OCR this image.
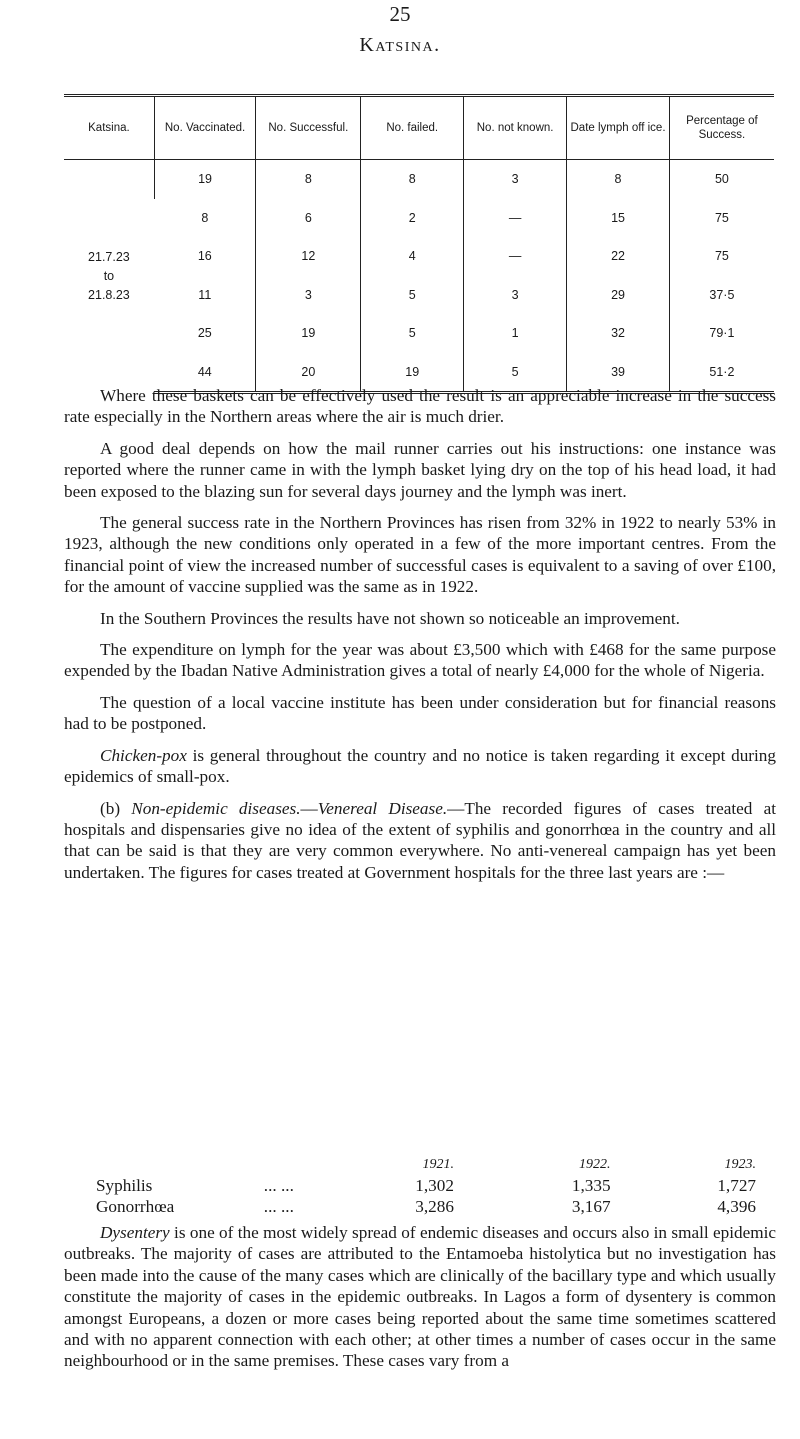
25
Katsina.
Katsina.	No. Vaccinated.	No. Successful.	No. failed.	No. not known.	Date lymph off ice.	Percentage of Success.

21.7.23
to
21.8.23	19	8	8	3	8	50
	8	6	2	—	15	75
	16	12	4	—	22	75
	11	3	5	3	29	37·5
	25	19	5	1	32	79·1
	44	20	19	5	39	51·2

Where these baskets can be effectively used the result is an appreciable increase in the success rate especially in the Northern areas where the air is much drier.

A good deal depends on how the mail runner carries out his instructions: one instance was reported where the runner came in with the lymph basket lying dry on the top of his head load, it had been exposed to the blazing sun for several days journey and the lymph was inert.

The general success rate in the Northern Provinces has risen from 32% in 1922 to nearly 53% in 1923, although the new conditions only operated in a few of the more important centres. From the financial point of view the increased number of successful cases is equivalent to a saving of over £100, for the amount of vaccine supplied was the same as in 1922.

In the Southern Provinces the results have not shown so noticeable an improvement.

The expenditure on lymph for the year was about £3,500 which with £468 for the same purpose expended by the Ibadan Native Administration gives a total of nearly £4,000 for the whole of Nigeria.

The question of a local vaccine institute has been under consideration but for financial reasons had to be postponed.

Chicken-pox is general throughout the country and no notice is taken regarding it except during epidemics of small-pox.

(b) Non-epidemic diseases.—Venereal Disease.—The recorded figures of cases treated at hospitals and dispensaries give no idea of the extent of syphilis and gonorrhœa in the country and all that can be said is that they are very common everywhere. No anti-venereal campaign has yet been undertaken. The figures for cases treated at Government hospitals for the three last years are :—

		1921.	1922.	1923.
Syphilis	... ...	1,302	1,335	1,727
Gonorrhœa	... ...	3,286	3,167	4,396

Dysentery is one of the most widely spread of endemic diseases and occurs also in small epidemic outbreaks. The majority of cases are attributed to the Entamoeba histolytica but no investigation has been made into the cause of the many cases which are clinically of the bacillary type and which usually constitute the majority of cases in the epidemic outbreaks. In Lagos a form of dysentery is common amongst Europeans, a dozen or more cases being reported about the same time sometimes scattered and with no apparent connection with each other; at other times a number of cases occur in the same neighbourhood or in the same premises. These cases vary from a
